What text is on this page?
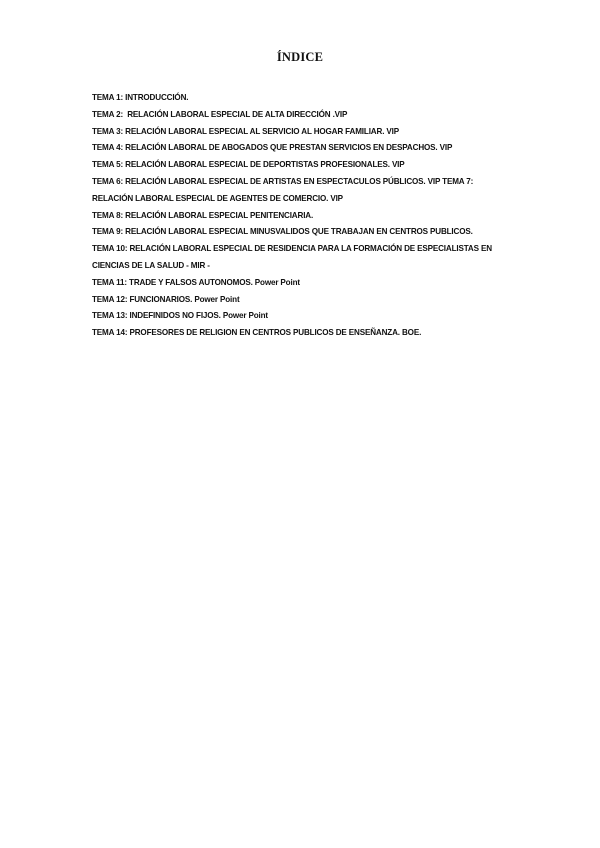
ÍNDICE
TEMA 1: INTRODUCCIÓN.
TEMA 2:  RELACIÓN LABORAL ESPECIAL DE ALTA DIRECCIÓN .VIP
TEMA 3: RELACIÓN LABORAL ESPECIAL AL SERVICIO AL HOGAR FAMILIAR. VIP
TEMA 4: RELACIÓN LABORAL DE ABOGADOS QUE PRESTAN SERVICIOS EN DESPACHOS. VIP
TEMA 5: RELACIÓN LABORAL ESPECIAL DE DEPORTISTAS PROFESIONALES. VIP
TEMA 6: RELACIÓN LABORAL ESPECIAL DE ARTISTAS EN ESPECTACULOS PÚBLICOS. VIP TEMA 7: RELACIÓN LABORAL ESPECIAL DE AGENTES DE COMERCIO. VIP
TEMA 8: RELACIÓN LABORAL ESPECIAL PENITENCIARIA.
TEMA 9: RELACIÓN LABORAL ESPECIAL MINUSVALIDOS QUE TRABAJAN EN CENTROS PUBLICOS.
TEMA 10: RELACIÓN LABORAL ESPECIAL DE RESIDENCIA PARA LA FORMACIÓN DE ESPECIALISTAS EN CIENCIAS DE LA SALUD - MIR -
TEMA 11: TRADE Y FALSOS AUTONOMOS. Power Point
TEMA 12: FUNCIONARIOS. Power Point
TEMA 13: INDEFINIDOS NO FIJOS. Power Point
TEMA 14: PROFESORES DE RELIGION EN CENTROS PUBLICOS DE ENSEÑANZA. BOE.
